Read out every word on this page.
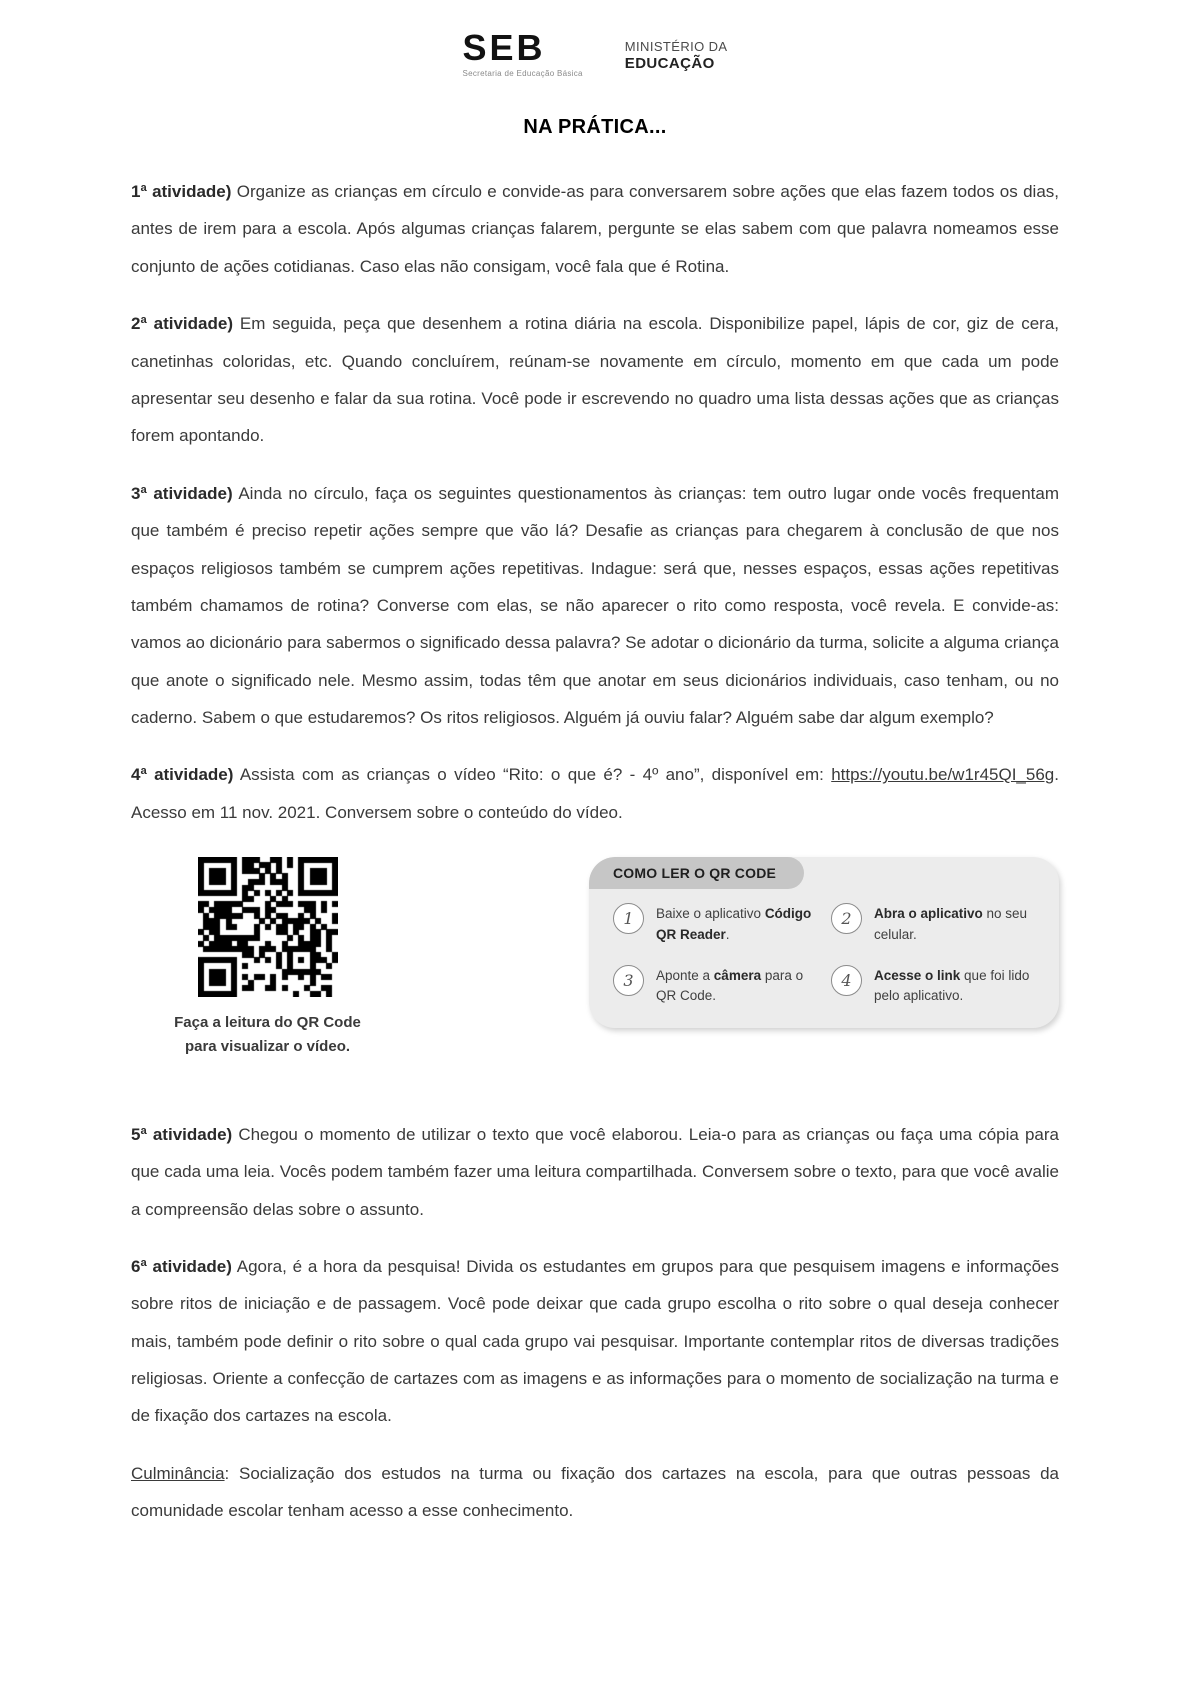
SEB
Secretaria de Educação Básica
MINISTÉRIO DA
EDUCAÇÃO
NA PRÁTICA...

1ª atividade) Organize as crianças em círculo e convide-as para conversarem sobre ações que elas fazem todos os dias, antes de irem para a escola. Após algumas crianças falarem, pergunte se elas sabem com que palavra nomeamos esse conjunto de ações cotidianas. Caso elas não consigam, você fala que é Rotina.

2ª atividade) Em seguida, peça que desenhem a rotina diária na escola. Disponibilize papel, lápis de cor, giz de cera, canetinhas coloridas, etc. Quando concluírem, reúnam-se novamente em círculo, momento em que cada um pode apresentar seu desenho e falar da sua rotina. Você pode ir escrevendo no quadro uma lista dessas ações que as crianças forem apontando.

3ª atividade) Ainda no círculo, faça os seguintes questionamentos às crianças: tem outro lugar onde vocês frequentam que também é preciso repetir ações sempre que vão lá? Desafie as crianças para chegarem à conclusão de que nos espaços religiosos também se cumprem ações repetitivas. Indague: será que, nesses espaços, essas ações repetitivas também chamamos de rotina? Converse com elas, se não aparecer o rito como resposta, você revela. E convide-as: vamos ao dicionário para sabermos o significado dessa palavra? Se adotar o dicionário da turma, solicite a alguma criança que anote o significado nele. Mesmo assim, todas têm que anotar em seus dicionários individuais, caso tenham, ou no caderno. Sabem o que estudaremos? Os ritos religiosos. Alguém já ouviu falar? Alguém sabe dar algum exemplo?

4ª atividade) Assista com as crianças o vídeo “Rito: o que é? - 4º ano”, disponível em: https://youtu.be/w1r45QI_56g. Acesso em 11 nov. 2021. Conversem sobre o conteúdo do vídeo.

Faça a leitura do QR Code
para visualizar o vídeo.
COMO LER O QR CODE
1	Baixe o aplicativo Código QR Reader.
2	Abra o aplicativo no seu celular.
3	Aponte a câmera para o QR Code.
4	Acesse o link que foi lido pelo aplicativo.

5ª atividade) Chegou o momento de utilizar o texto que você elaborou. Leia-o para as crianças ou faça uma cópia para que cada uma leia. Vocês podem também fazer uma leitura compartilhada. Conversem sobre o texto, para que você avalie a compreensão delas sobre o assunto.

6ª atividade) Agora, é a hora da pesquisa! Divida os estudantes em grupos para que pesquisem imagens e informações sobre ritos de iniciação e de passagem. Você pode deixar que cada grupo escolha o rito sobre o qual deseja conhecer mais, também pode definir o rito sobre o qual cada grupo vai pesquisar. Importante contemplar ritos de diversas tradições religiosas. Oriente a confecção de cartazes com as imagens e as informações para o momento de socialização na turma e de fixação dos cartazes na escola.

Culminância: Socialização dos estudos na turma ou fixação dos cartazes na escola, para que outras pessoas da comunidade escolar tenham acesso a esse conhecimento.
